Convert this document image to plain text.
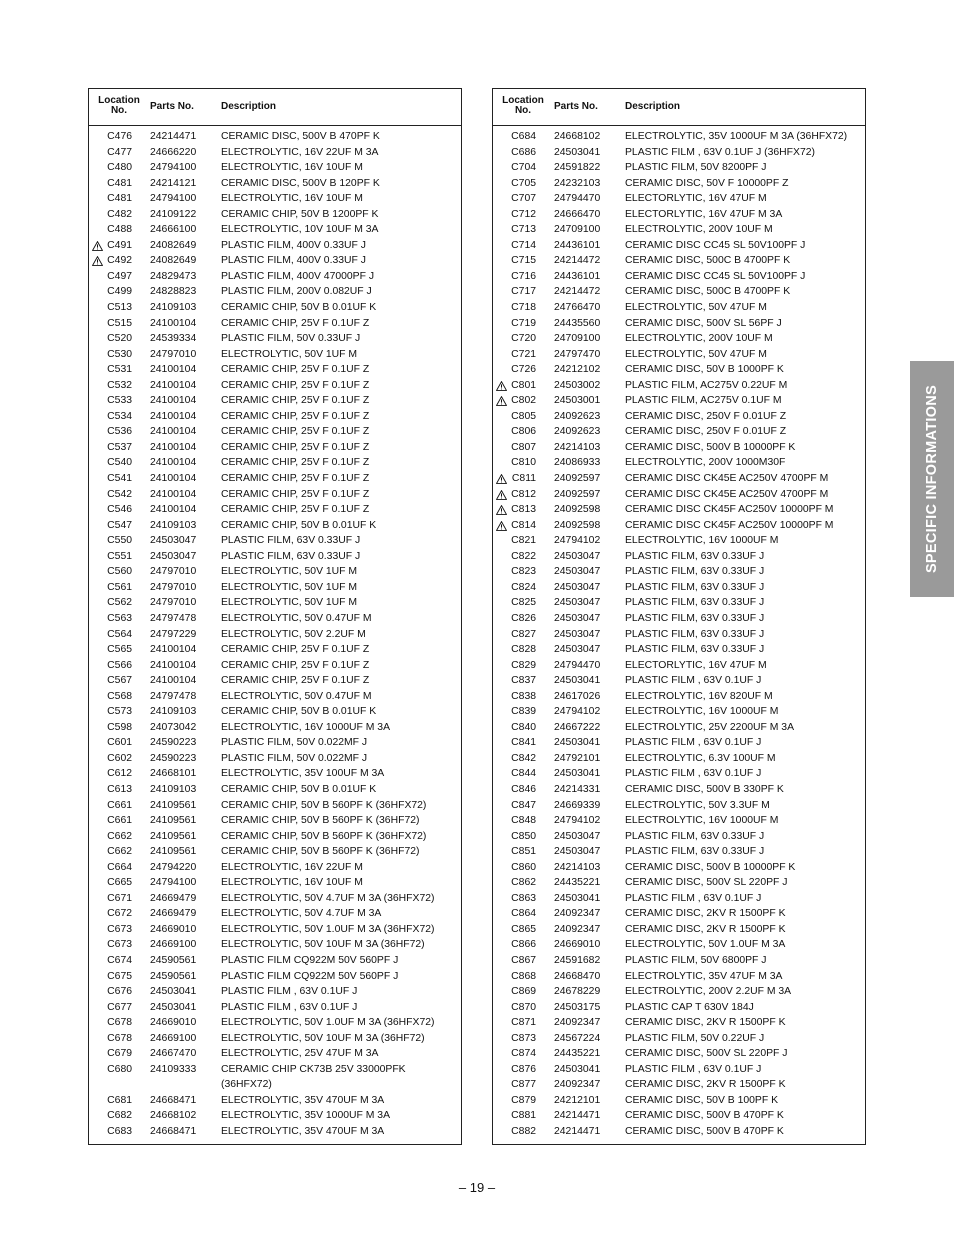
Location
No.	Parts No.	Description
C476 24214471 CERAMIC DISC, 500V B 470PF K
C477 24666220 ELECTROLYTIC, 16V 22UF M 3A
C480 24794100 ELECTROLYTIC, 16V 10UF M
C481 24214121 CERAMIC DISC, 500V B 120PF K
C481 24794100 ELECTROLYTIC, 16V 10UF M
C482 24109122 CERAMIC CHIP, 50V B 1200PF K
C488 24666100 ELECTROLYTIC, 10V 10UF M 3A
C491 24082649 PLASTIC FILM, 400V 0.33UF J
C492 24082649 PLASTIC FILM, 400V 0.33UF J
C497 24829473 PLASTIC FILM, 400V 47000PF J
C499 24828823 PLASTIC FILM, 200V 0.082UF J
C513 24109103 CERAMIC CHIP, 50V B 0.01UF K
C515 24100104 CERAMIC CHIP, 25V F 0.1UF Z
C520 24539334 PLASTIC FILM, 50V 0.33UF J
C530 24797010 ELECTROLYTIC, 50V 1UF M
C531 24100104 CERAMIC CHIP, 25V F 0.1UF Z
C532 24100104 CERAMIC CHIP, 25V F 0.1UF Z
C533 24100104 CERAMIC CHIP, 25V F 0.1UF Z
C534 24100104 CERAMIC CHIP, 25V F 0.1UF Z
C536 24100104 CERAMIC CHIP, 25V F 0.1UF Z
C537 24100104 CERAMIC CHIP, 25V F 0.1UF Z
C540 24100104 CERAMIC CHIP, 25V F 0.1UF Z
C541 24100104 CERAMIC CHIP, 25V F 0.1UF Z
C542 24100104 CERAMIC CHIP, 25V F 0.1UF Z
C546 24100104 CERAMIC CHIP, 25V F 0.1UF Z
C547 24109103 CERAMIC CHIP, 50V B 0.01UF K
C550 24503047 PLASTIC FILM, 63V 0.33UF J
C551 24503047 PLASTIC FILM, 63V 0.33UF J
C560 24797010 ELECTROLYTIC, 50V 1UF M
C561 24797010 ELECTROLYTIC, 50V 1UF M
C562 24797010 ELECTROLYTIC, 50V 1UF M
C563 24797478 ELECTROLYTIC, 50V 0.47UF M
C564 24797229 ELECTROLYTIC, 50V 2.2UF M
C565 24100104 CERAMIC CHIP, 25V F 0.1UF Z
C566 24100104 CERAMIC CHIP, 25V F 0.1UF Z
C567 24100104 CERAMIC CHIP, 25V F 0.1UF Z
C568 24797478 ELECTROLYTIC, 50V 0.47UF M
C573 24109103 CERAMIC CHIP, 50V B 0.01UF K
C598 24073042 ELECTROLYTIC, 16V 1000UF M 3A
C601 24590223 PLASTIC FILM, 50V 0.022MF J
C602 24590223 PLASTIC FILM, 50V 0.022MF J
C612 24668101 ELECTROLYTIC, 35V 100UF M 3A
C613 24109103 CERAMIC CHIP, 50V B 0.01UF K
C661 24109561 CERAMIC CHIP, 50V B 560PF K (36HFX72)
C661 24109561 CERAMIC CHIP, 50V B 560PF K (36HF72)
C662 24109561 CERAMIC CHIP, 50V B 560PF K (36HFX72)
C662 24109561 CERAMIC CHIP, 50V B 560PF K (36HF72)
C664 24794220 ELECTROLYTIC, 16V 22UF M
C665 24794100 ELECTROLYTIC, 16V 10UF M
C671 24669479 ELECTROLYTIC, 50V 4.7UF M 3A (36HFX72)
C672 24669479 ELECTROLYTIC, 50V 4.7UF M 3A
C673 24669010 ELECTROLYTIC, 50V 1.0UF M 3A (36HFX72)
C673 24669100 ELECTROLYTIC, 50V 10UF M 3A (36HF72)
C674 24590561 PLASTIC FILM CQ922M 50V 560PF J
C675 24590561 PLASTIC FILM CQ922M 50V 560PF J
C676 24503041 PLASTIC FILM , 63V 0.1UF J
C677 24503041 PLASTIC FILM , 63V 0.1UF J
C678 24669010 ELECTROLYTIC, 50V 1.0UF M 3A (36HFX72)
C678 24669100 ELECTROLYTIC, 50V 10UF M 3A (36HF72)
C679 24667470 ELECTROLYTIC, 25V 47UF M 3A
C680 24109333 CERAMIC CHIP CK73B 25V 33000PFK
(36HFX72)
C681 24668471 ELECTROLYTIC, 35V 470UF M 3A
C682 24668102 ELECTROLYTIC, 35V 1000UF M 3A
C683 24668471 ELECTROLYTIC, 35V 470UF M 3A
Location
No.	Parts No.	Description
C684 24668102 ELECTROLYTIC, 35V 1000UF M 3A (36HFX72)
C686 24503041 PLASTIC FILM , 63V 0.1UF J (36HFX72)
C704 24591822 PLASTIC FILM, 50V 8200PF J
C705 24232103 CERAMIC DISC, 50V F 10000PF Z
C707 24794470 ELECTORLYTIC, 16V 47UF M
C712 24666470 ELECTORLYTIC, 16V 47UF M 3A
C713 24709100 ELECTROLYTIC, 200V 10UF M
C714 24436101 CERAMIC DISC CC45 SL 50V100PF J
C715 24214472 CERAMIC DISC, 500C B 4700PF K
C716 24436101 CERAMIC DISC CC45 SL 50V100PF J
C717 24214472 CERAMIC DISC, 500C B 4700PF K
C718 24766470 ELECTROLYTIC, 50V 47UF M
C719 24435560 CERAMIC DISC, 500V SL 56PF J
C720 24709100 ELECTROLYTIC, 200V 10UF M
C721 24797470 ELECTROLYTIC, 50V 47UF M
C726 24212102 CERAMIC DISC, 50V B 1000PF K
C801 24503002 PLASTIC FILM, AC275V 0.22UF M
C802 24503001 PLASTIC FILM, AC275V 0.1UF M
C805 24092623 CERAMIC DISC, 250V F 0.01UF Z
C806 24092623 CERAMIC DISC, 250V F 0.01UF Z
C807 24214103 CERAMIC DISC, 500V B 10000PF K
C810 24086933 ELECTROLYTIC, 200V 1000M30F
C811 24092597 CERAMIC DISC CK45E AC250V 4700PF M
C812 24092597 CERAMIC DISC CK45E AC250V 4700PF M
C813 24092598 CERAMIC DISC CK45F AC250V 10000PF M
C814 24092598 CERAMIC DISC CK45F AC250V 10000PF M
C821 24794102 ELECTROLYTIC, 16V 1000UF M
C822 24503047 PLASTIC FILM, 63V 0.33UF J
C823 24503047 PLASTIC FILM, 63V 0.33UF J
C824 24503047 PLASTIC FILM, 63V 0.33UF J
C825 24503047 PLASTIC FILM, 63V 0.33UF J
C826 24503047 PLASTIC FILM, 63V 0.33UF J
C827 24503047 PLASTIC FILM, 63V 0.33UF J
C828 24503047 PLASTIC FILM, 63V 0.33UF J
C829 24794470 ELECTORLYTIC, 16V 47UF M
C837 24503041 PLASTIC FILM , 63V 0.1UF J
C838 24617026 ELECTROLYTIC, 16V 820UF M
C839 24794102 ELECTROLYTIC, 16V 1000UF M
C840 24667222 ELECTROLYTIC, 25V 2200UF M 3A
C841 24503041 PLASTIC FILM , 63V 0.1UF J
C842 24792101 ELECTROLYTIC, 6.3V 100UF M
C844 24503041 PLASTIC FILM , 63V 0.1UF J
C846 24214331 CERAMIC DISC, 500V B 330PF K
C847 24669339 ELECTROLYTIC, 50V 3.3UF M
C848 24794102 ELECTROLYTIC, 16V 1000UF M
C850 24503047 PLASTIC FILM, 63V 0.33UF J
C851 24503047 PLASTIC FILM, 63V 0.33UF J
C860 24214103 CERAMIC DISC, 500V B 10000PF K
C862 24435221 CERAMIC DISC, 500V SL 220PF J
C863 24503041 PLASTIC FILM , 63V 0.1UF J
C864 24092347 CERAMIC DISC, 2KV R 1500PF K
C865 24092347 CERAMIC DISC, 2KV R 1500PF K
C866 24669010 ELECTROLYTIC, 50V 1.0UF M 3A
C867 24591682 PLASTIC FILM, 50V 6800PF J
C868 24668470 ELECTROLYTIC, 35V 47UF M 3A
C869 24678229 ELECTROLYTIC, 200V 2.2UF M 3A
C870 24503175 PLASTIC CAP T 630V 184J
C871 24092347 CERAMIC DISC, 2KV R 1500PF K
C873 24567224 PLASTIC FILM, 50V 0.22UF J
C874 24435221 CERAMIC DISC, 500V SL 220PF J
C876 24503041 PLASTIC FILM , 63V 0.1UF J
C877 24092347 CERAMIC DISC, 2KV R 1500PF K
C879 24212101 CERAMIC DISC, 50V B 100PF K
C881 24214471 CERAMIC DISC, 500V B 470PF K
C882 24214471 CERAMIC DISC, 500V B 470PF K
SPECIFIC INFORMATIONS
– 19 –
